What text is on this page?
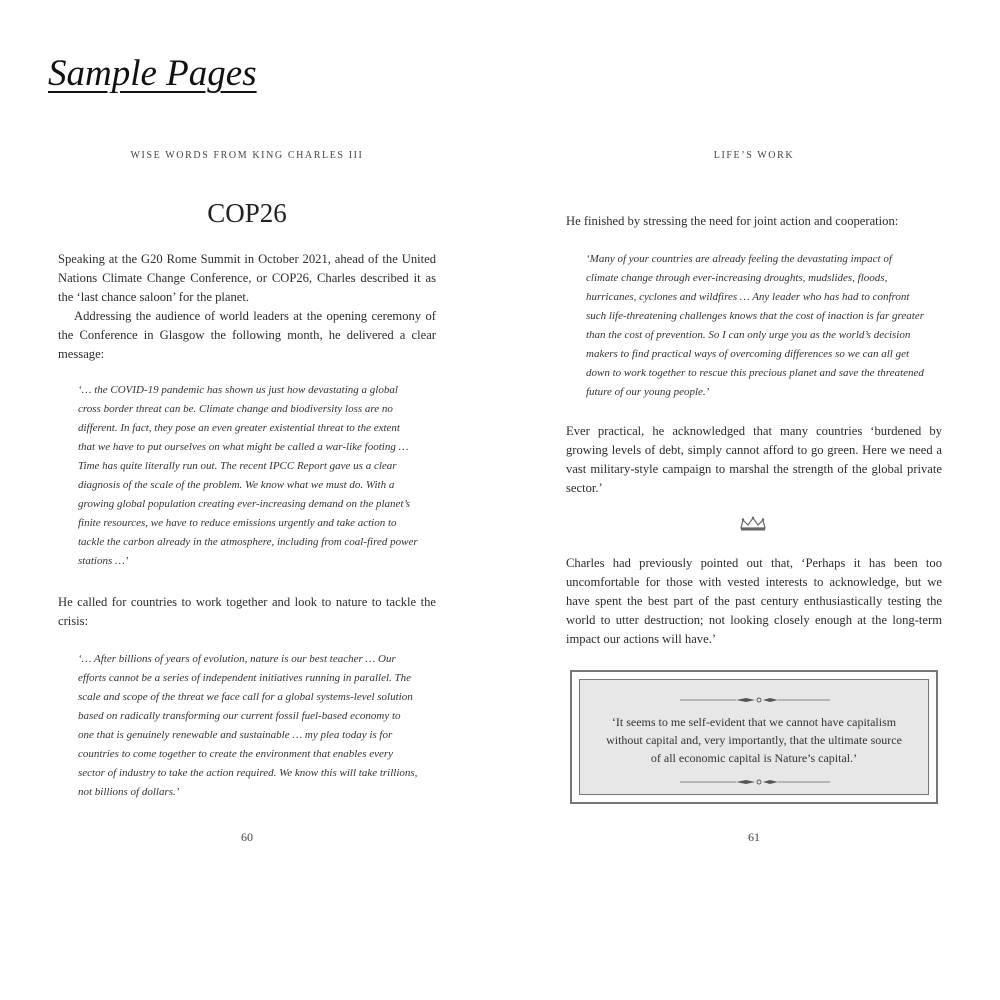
Sample Pages
WISE WORDS FROM KING CHARLES III
COP26

Speaking at the G20 Rome Summit in October 2021, ahead of the United Nations Climate Change Conference, or COP26, Charles described it as the ‘last chance saloon’ for the planet.

Addressing the audience of world leaders at the opening ceremony of the Conference in Glasgow the following month, he delivered a clear message:

‘… the COVID-19 pandemic has shown us just how devastating a global cross border threat can be. Climate change and biodiversity loss are no different. In fact, they pose an even greater existential threat to the extent that we have to put ourselves on what might be called a war-like footing … Time has quite literally run out. The recent IPCC Report gave us a clear diagnosis of the scale of the problem. We know what we must do. With a growing global population creating ever-increasing demand on the planet’s finite resources, we have to reduce emissions urgently and take action to tackle the carbon already in the atmosphere, including from coal-fired power stations …’

He called for countries to work together and look to nature to tackle the crisis:

‘… After billions of years of evolution, nature is our best teacher … Our efforts cannot be a series of independent initiatives running in parallel. The scale and scope of the threat we face call for a global systems-level solution based on radically transforming our current fossil fuel-based economy to one that is genuinely renewable and sustainable … my plea today is for countries to come together to create the environment that enables every sector of industry to take the action required. We know this will take trillions, not billions of dollars.’

60
LIFE’S WORK

He finished by stressing the need for joint action and cooperation:

‘Many of your countries are already feeling the devastating impact of climate change through ever-increasing droughts, mudslides, floods, hurricanes, cyclones and wildfires … Any leader who has had to confront such life-threatening challenges knows that the cost of inaction is far greater than the cost of prevention. So I can only urge you as the world’s decision makers to find practical ways of overcoming differences so we can all get down to work together to rescue this precious planet and save the threatened future of our young people.’

Ever practical, he acknowledged that many countries ‘burdened by growing levels of debt, simply cannot afford to go green. Here we need a vast military-style campaign to marshal the strength of the global private sector.’

Charles had previously pointed out that, ‘Perhaps it has been too uncomfortable for those with vested interests to acknowledge, but we have spent the best part of the past century enthusiastically testing the world to utter destruction; not looking closely enough at the long-term impact our actions will have.’

‘It seems to me self-evident that we cannot have capitalism without capital and, very importantly, that the ultimate source of all economic capital is Nature’s capital.’

61
